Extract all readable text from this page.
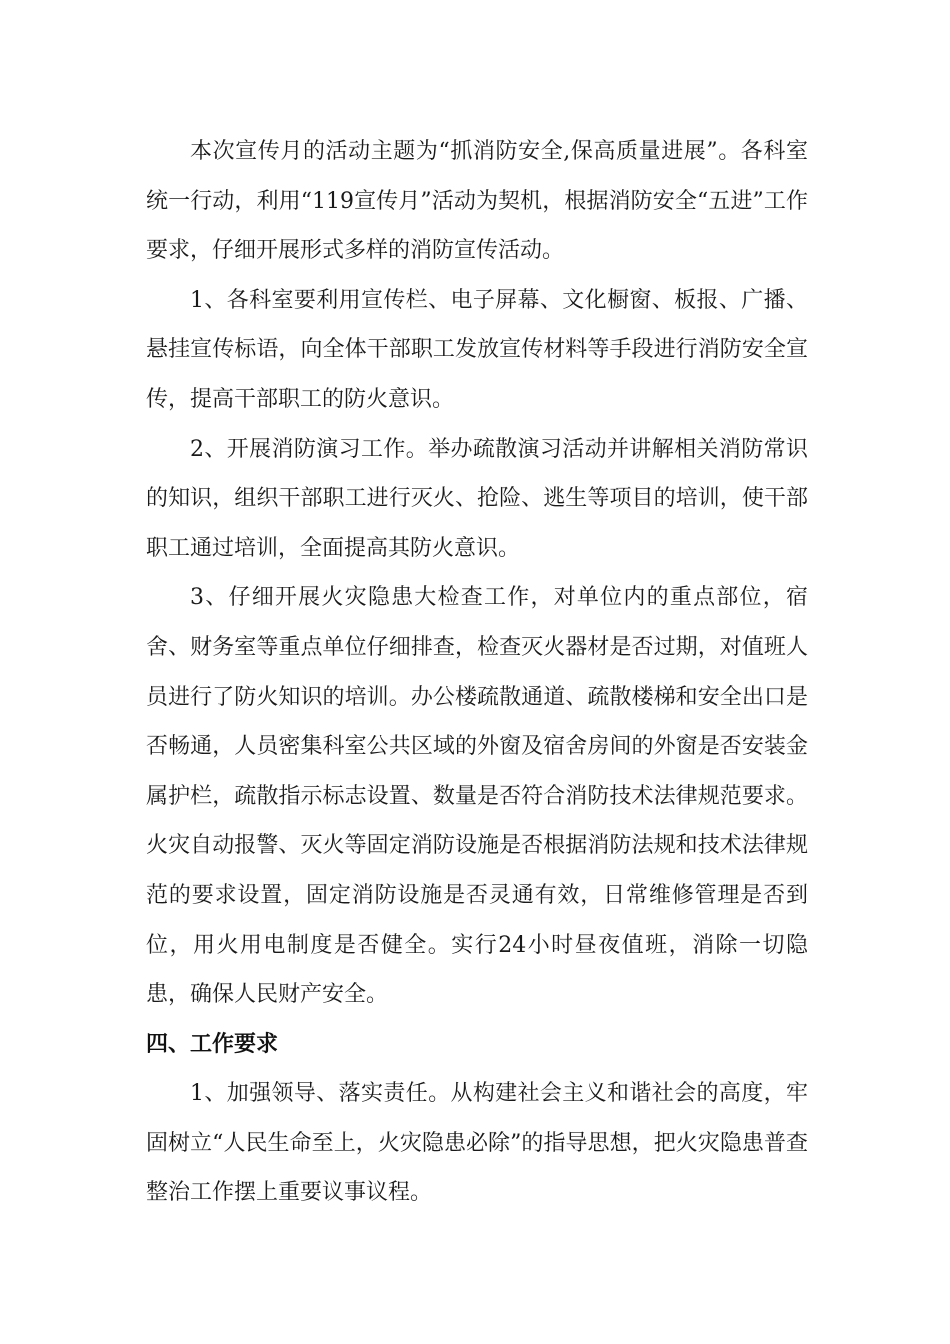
本次宣传月的活动主题为“抓消防安全,保高质量进展”。各科室统一行动，利用“119宣传月”活动为契机，根据消防安全“五进”工作要求，仔细开展形式多样的消防宣传活动。

1、各科室要利用宣传栏、电子屏幕、文化橱窗、板报、广播、悬挂宣传标语，向全体干部职工发放宣传材料等手段进行消防安全宣传，提高干部职工的防火意识。

2、开展消防演习工作。举办疏散演习活动并讲解相关消防常识的知识，组织干部职工进行灭火、抢险、逃生等项目的培训，使干部职工通过培训，全面提高其防火意识。

3、仔细开展火灾隐患大检查工作，对单位内的重点部位，宿舍、财务室等重点单位仔细排查，检查灭火器材是否过期，对值班人员进行了防火知识的培训。办公楼疏散通道、疏散楼梯和安全出口是否畅通，人员密集科室公共区域的外窗及宿舍房间的外窗是否安装金属护栏，疏散指示标志设置、数量是否符合消防技术法律规范要求。火灾自动报警、灭火等固定消防设施是否根据消防法规和技术法律规范的要求设置，固定消防设施是否灵通有效，日常维修管理是否到位，用火用电制度是否健全。实行24小时昼夜值班，消除一切隐患，确保人民财产安全。

四、工作要求

1、加强领导、落实责任。从构建社会主义和谐社会的高度，牢固树立“人民生命至上，火灾隐患必除”的指导思想，把火灾隐患普查整治工作摆上重要议事议程。
